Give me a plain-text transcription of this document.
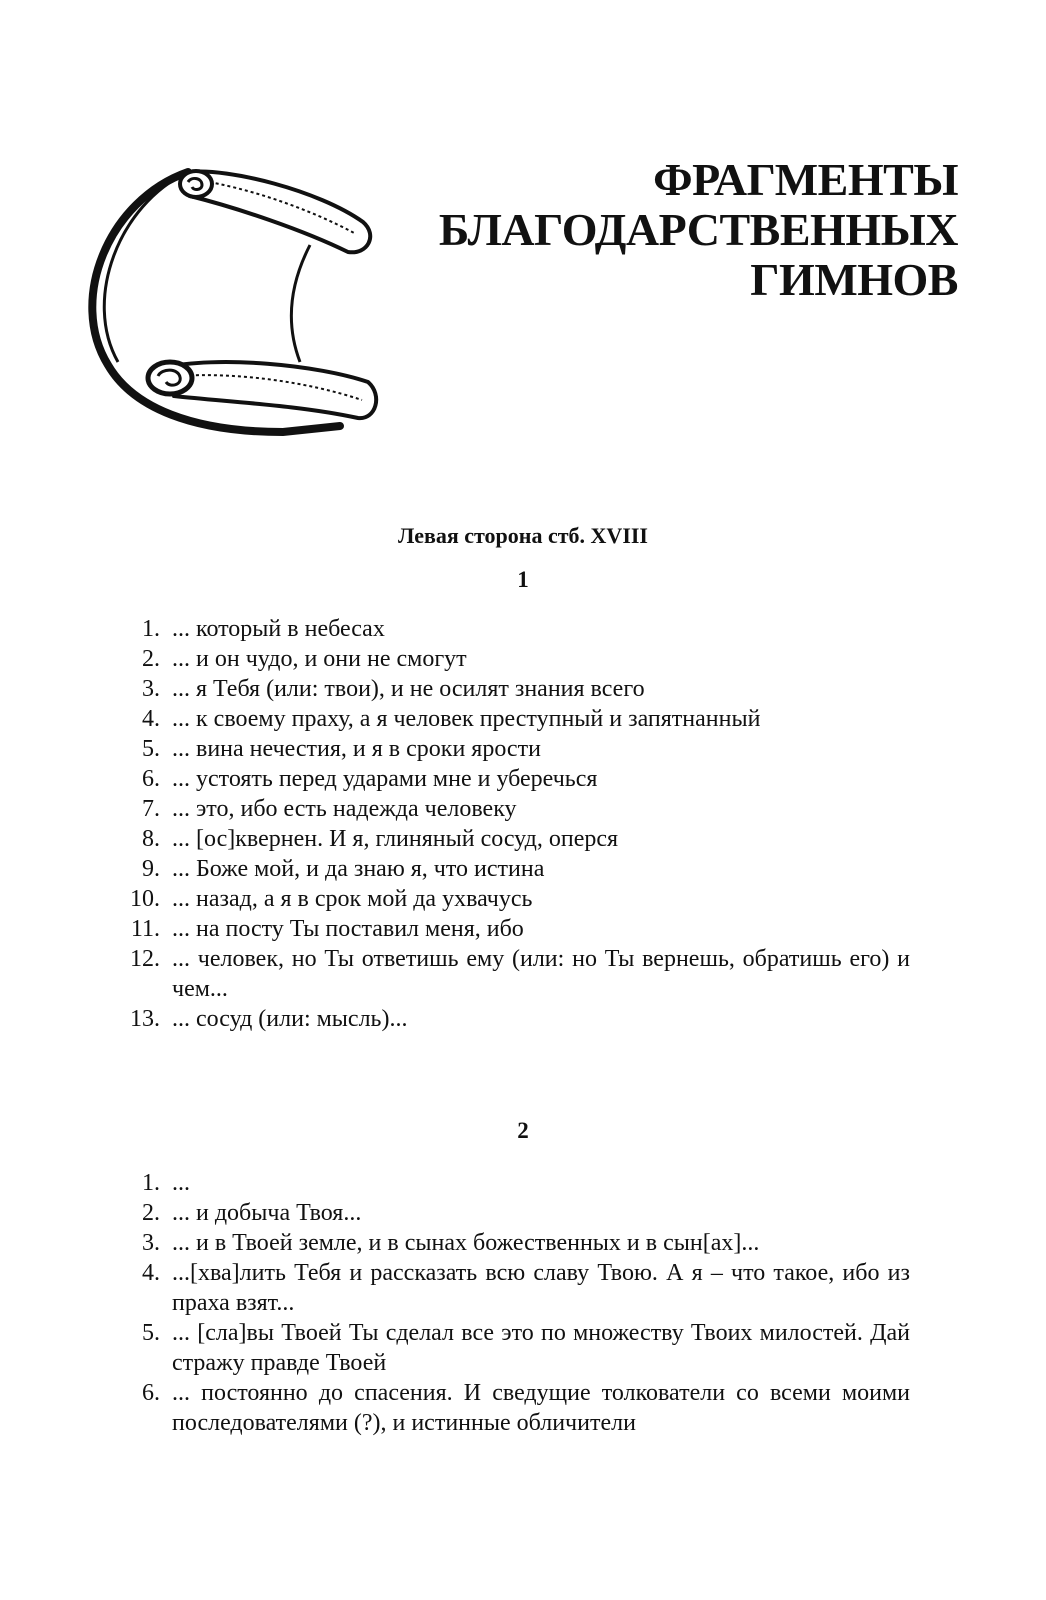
ФРАГМЕНТЫ
БЛАГОДАРСТВЕННЫХ
ГИМНОВ
Левая сторона стб. XVIII
1
1. ... который в небесах
2. ... и он чудо, и они не смогут
3. ... я Тебя (или: твои), и не осилят знания всего
4. ... к своему праху, а я человек преступный и запятнанный
5. ... вина нечестия, и я в сроки ярости
6. ... устоять перед ударами мне и уберечься
7. ... это, ибо есть надежда человеку
8. ... [ос]квернен. И я, глиняный сосуд, оперся
9. ... Боже мой, и да знаю я, что истина
10. ... назад, а я в срок мой да ухвачусь
11. ... на посту Ты поставил меня, ибо
12. ... человек, но Ты ответишь ему (или: но Ты вернешь, обратишь его) и чем...
13. ... сосуд (или: мысль)...
2
1. ...
2. ... и добыча Твоя...
3. ... и в Твоей земле, и в сынах божественных и в сын[ах]...
4. ...[хва]лить Тебя и рассказать всю славу Твою. А я – что такое, ибо из праха взят...
5. ... [сла]вы Твоей Ты сделал все это по множеству Твоих милостей. Дай стражу правде Твоей
6. ... постоянно до спасения. И сведущие толкователи со всеми моими последователями (?), и истинные обличители
